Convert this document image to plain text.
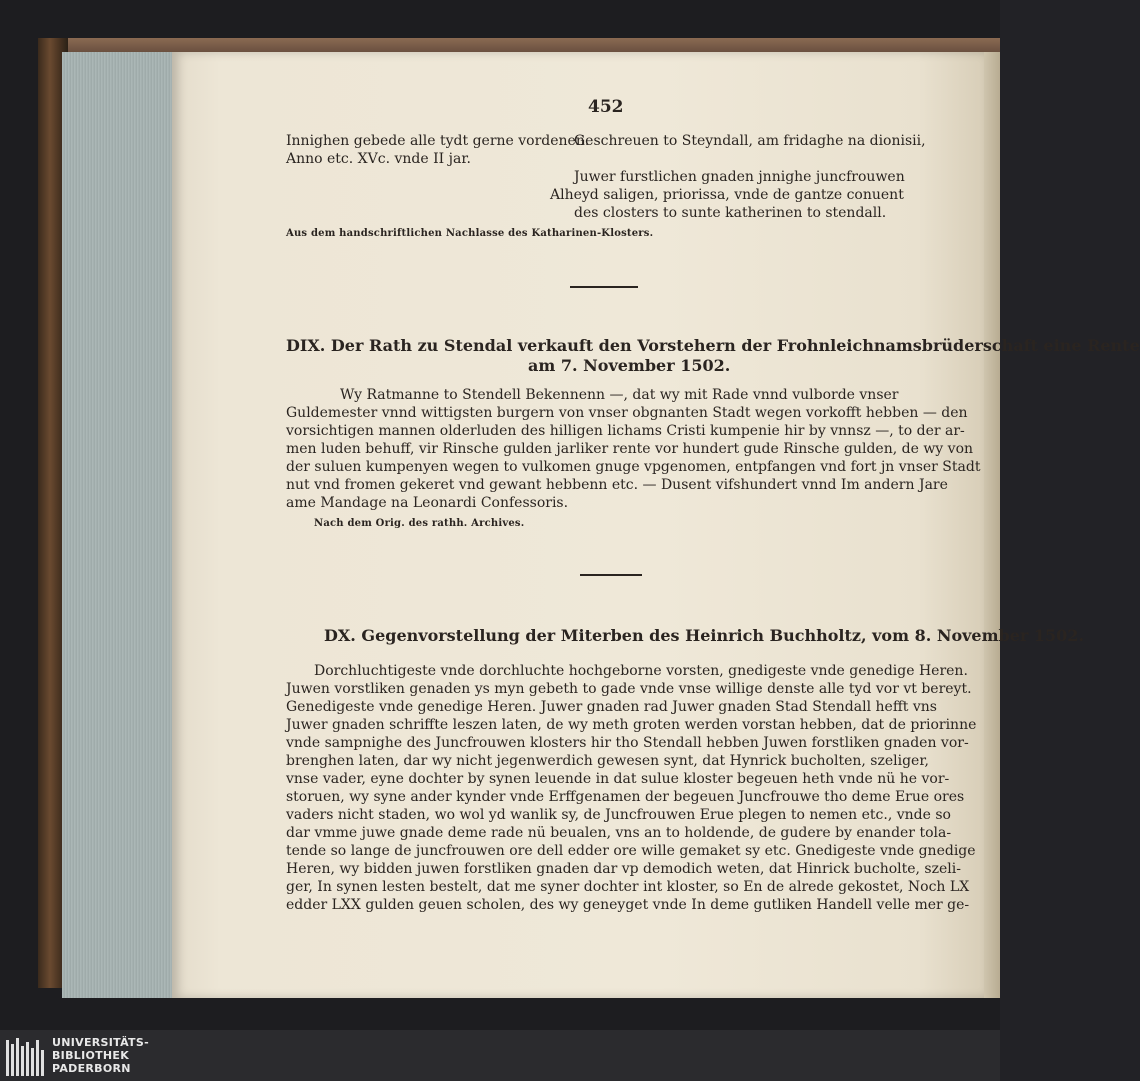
452
Innighen gebede alle tydt gerne vordenen.
Anno etc. XVc. vnde II jar.
Geschreuen to Steyndall, am fridaghe na dionisii,
Juwer furstlichen gnaden jnnighe juncfrouwen
Alheyd saligen, priorissa, vnde de gantze conuent
des closters to sunte katherinen to stendall.
Aus dem handschriftlichen Nachlasse des Katharinen-Klosters.
DIX. Der Rath zu Stendal verkauft den Vorstehern der Frohnleichnamsbrüderschaft eine Rente
am 7. November 1502.
Wy Ratmanne to Stendell Bekennenn —, dat wy mit Rade vnnd vulborde vnser
Guldemester vnnd wittigsten burgern von vnser obgnanten Stadt wegen vorkofft hebben — den
vorsichtigen mannen olderluden des hilligen lichams Cristi kumpenie hir by vnnsz —, to der ar-
men luden behuff, vir Rinsche gulden jarliker rente vor hundert gude Rinsche gulden, de wy von
der suluen kumpenyen wegen to vulkomen gnuge vpgenomen, entpfangen vnd fort jn vnser Stadt
nut vnd fromen gekeret vnd gewant hebbenn etc. — Dusent vifshundert vnnd Im andern Jare
ame Mandage na Leonardi Confessoris.
Nach dem Orig. des rathh. Archives.
DX. Gegenvorstellung der Miterben des Heinrich Buchholtz, vom 8. November 1502.
Dorchluchtigeste vnde dorchluchte hochgeborne vorsten, gnedigeste vnde genedige Heren.
Juwen vorstliken genaden ys myn gebeth to gade vnde vnse willige denste alle tyd vor vt bereyt.
Genedigeste vnde genedige Heren. Juwer gnaden rad Juwer gnaden Stad Stendall hefft vns
Juwer gnaden schriffte leszen laten, de wy meth groten werden vorstan hebben, dat de priorinne
vnde sampnighe des Juncfrouwen klosters hir tho Stendall hebben Juwen forstliken gnaden vor-
brenghen laten, dar wy nicht jegenwerdich gewesen synt, dat Hynrick bucholten, szeliger,
vnse vader, eyne dochter by synen leuende in dat sulue kloster begeuen heth vnde nü he vor-
storuen, wy syne ander kynder vnde Erffgenamen der begeuen Juncfrouwe tho deme Erue ores
vaders nicht staden, wo wol yd wanlik sy, de Juncfrouwen Erue plegen to nemen etc., vnde so
dar vmme juwe gnade deme rade nü beualen, vns an to holdende, de gudere by enander tola-
tende so lange de juncfrouwen ore dell edder ore wille gemaket sy etc. Gnedigeste vnde gnedige
Heren, wy bidden juwen forstliken gnaden dar vp demodich weten, dat Hinrick bucholte, szeli-
ger, In synen lesten bestelt, dat me syner dochter int kloster, so En de alrede gekostet, Noch LX
edder LXX gulden geuen scholen, des wy geneyget vnde In deme gutliken Handell velle mer ge-
UNIVERSITÄTS-
BIBLIOTHEK
PADERBORN
